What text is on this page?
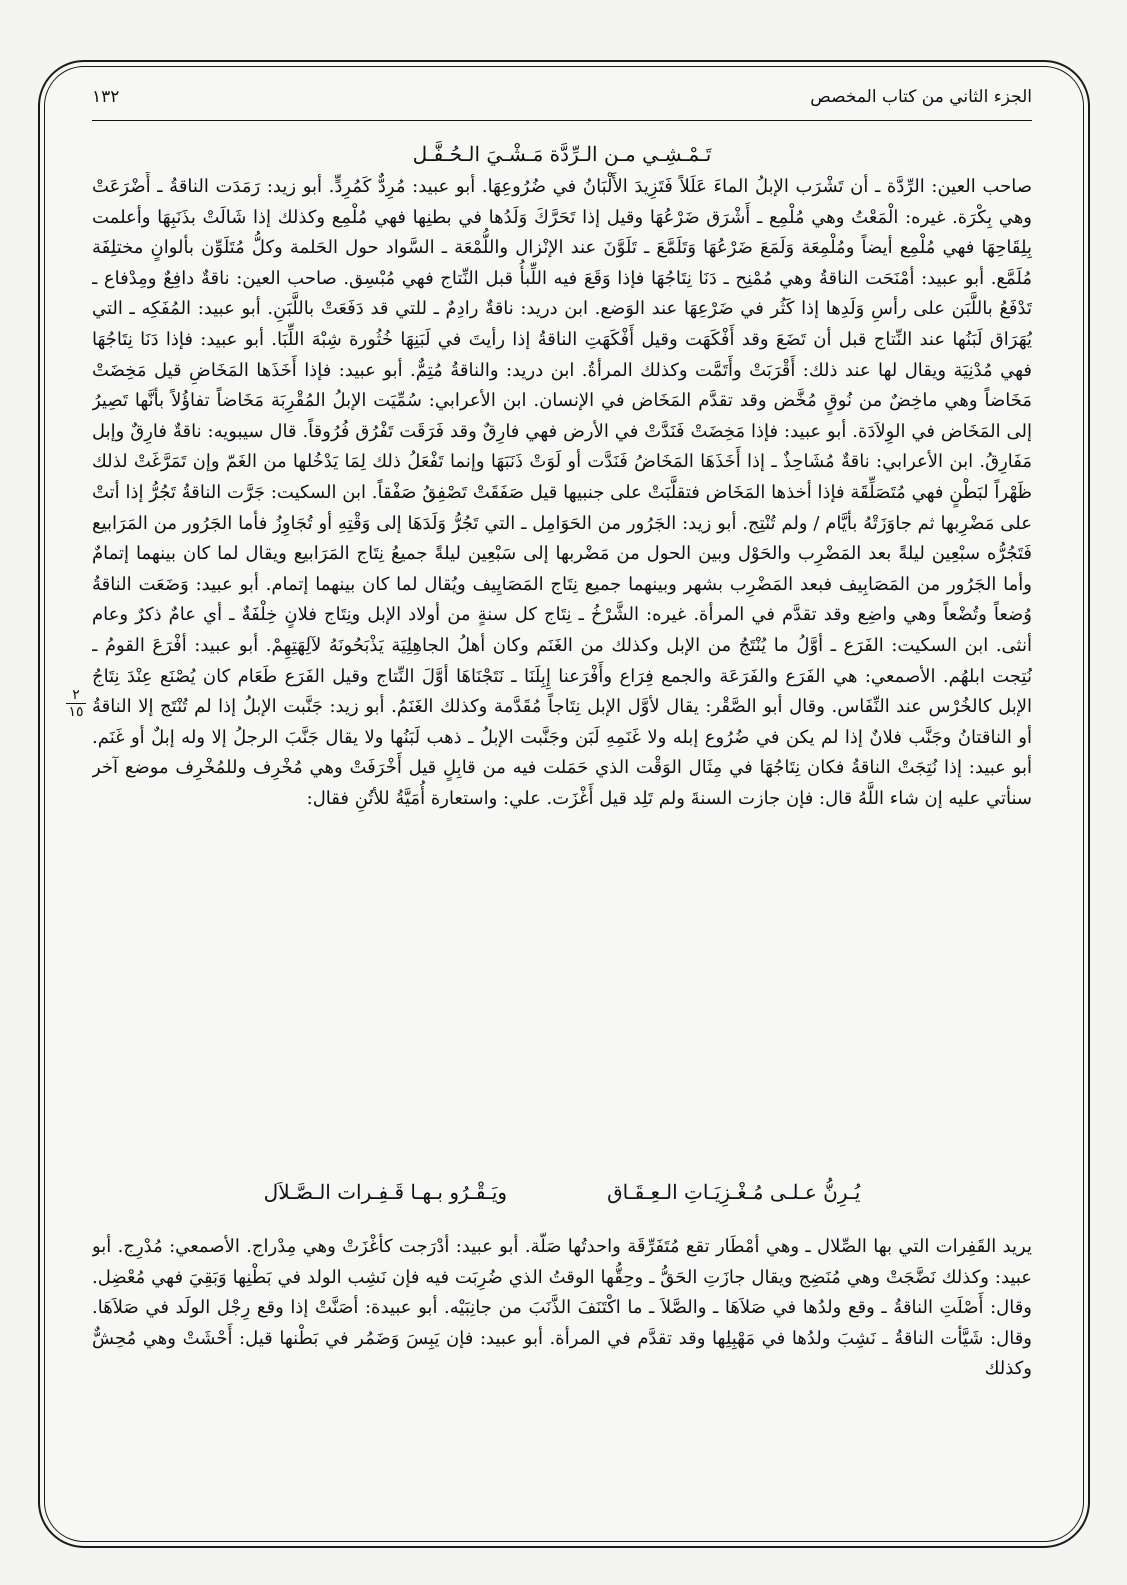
الجزء الثاني من كتاب المخصص
١٣٢
تَـمْـشِـي مـن الـرِّدَّة مَـشْـيَ الـحُـفَّـل
صاحب العين: الرِّدَّة ـ أن تَشْرَب الإبلُ الماءَ عَلَلاً فَتَزِيدَ الأَلْبَانُ في ضُرُوعِهَا. أبو عبيد: مُرِدٌّ كَمُرِدٍّ. أبو زيد: رَمَدَت الناقةُ ـ أَضْرَعَتْ وهي بِكْرَة. غيره: الْمَعْتُ وهي مُلْمِع ـ أَشْرَق ضَرْعُهَا وقيل إذا تَحَرَّكَ وَلَدُها في بطنِها فهي مُلْمِع وكذلك إذا شَالَتْ بذَنَبِهَا وأعلمت بِلِقَاحِهَا فهي مُلْمِع أيضاً ومُلْمِعَة وَلَمَعَ ضَرْعُهَا وَتَلَمَّعَ ـ تَلَوَّنَ عند الإنْزال واللُّمْعَة ـ السَّواد حول الحَلمة وكلُّ مُتَلَوِّن بألوانٍ مختلِفَة مُلَمَّع. أبو عبيد: أمْنَحَت الناقةُ وهي مُمْنِح ـ دَنَا نِتَاجُهَا فإذا وَقَعَ فيه اللِّبأُ قبل النِّتاج فهي مُبْسِق. صاحب العين: ناقةٌ دافِعٌ ومِدْفاع ـ تَدْفَعُ باللَّبَن على رأسِ وَلَدِها إذا كَثُر في ضَرْعِهَا عند الوَضع. ابن دريد: ناقةٌ رادِمٌ ـ للتي قد دَفَعَتْ باللَّبَنِ. أبو عبيد: المُفَكِه ـ التي يُهَرَاق لَبَنُها عند النِّتاج قبل أن تَضَعَ وقد أَفْكَهَت وقيل أَفْكَهَتِ الناقةُ إذا رأيتَ في لَبَنِهَا خُثُورة شِبْهَ اللِّبَا. أبو عبيد: فإذا دَنَا نِتَاجُهَا فهي مُدْنِيَة ويقال لها عند ذلك: أَقْرَبَتْ وأَتَمَّت وكذلك المرأةُ. ابن دريد: والناقةُ مُتِمٌّ. أبو عبيد: فإذا أَخَذَها المَخَاضِ قيل مَخِضَتْ مَخَاضاً وهي ماخِضٌ من نُوقٍ مُخَّض وقد تقدَّم المَخَاض في الإنسان. ابن الأعرابي: سُمِّيَت الإبلُ المُقْرِبَة مَخَاضاً تفاؤُلاً بأنَّها تَصِيرُ إلى المَخَاض في الوِلاَدَة. أبو عبيد: فإذا مَخِضَتْ فَنَدَّتْ في الأرض فهي فارِقٌ وقد فَرَقَت تَفْرُق فُرُوقاً. قال سيبويه: ناقةٌ فارِقٌ وإبل مَفَارِقُ. ابن الأعرابي: ناقةٌ مُشَاحِذٌ ـ إذا أَخَذَهَا المَخَاضُ فَنَدَّت أو لَوَتْ ذَنَبَهَا وإنما تَفْعَلُ ذلك لِمَا يَدْخُلها من الغَمّ وإن تَمَرَّغَتْ لذلك ظَهْراً لبَطْنٍ فهي مُتَصَلِّقَة فإذا أخذها المَخَاض فتقلَّبَتْ على جنبيها قيل صَفَقَتْ تَصْفِقُ صَفْقاً. ابن السكيت: جَرَّت الناقةُ تَجُرُّ إذا أتتْ على مَضْرِبها ثم جاوَزَتْهُ بأيَّام / ولم تُنْتِج. أبو زيد: الجَرُور من الحَوَامِل ـ التي تَجُرُّ وَلَدَهَا إلى وَقْتِهِ أو تُجَاوِزُ فأما الجَرُور من المَرَابيع فَتَجُرُّه سبْعِين ليلةً بعد المَضْرِب والحَوْل وبين الحول من مَضْربها إلى سَبْعِين ليلةً جميعُ نِتَاج المَرَابيع ويقال لما كان بينهما إتمامٌ وأما الجَرُور من المَصَابِيف فبعد المَضْرِب بشهر وبينهما جميع نِتَاج المَصَايِيف ويُقال لما كان بينهما إتمام. أبو عبيد: وَضَعَت الناقةُ وُضعاً وتُضْعاً وهي واضِع وقد تقدَّم في المرأة. غيره: الشَّرْخُ ـ نِتَاج كل سنةٍ من أولاد الإبل ونِتَاج فلانٍ خِلْفَةٌ ـ أي عامٌ ذكرٌ وعام أنثى. ابن السكيت: الفَرَع ـ أوَّلُ ما يُنْتَجُ من الإبل وكذلك من الغَنَم وكان أهلُ الجاهِلِيَة يَذْبَحُونَهُ لآلِهَتِهِمْ. أبو عبيد: أفْرَعَ القومُ ـ نُتِجت ابلهُم. الأصمعي: هي الفَرَع والفَرَعَة والجمع فِرَاع وأَفْرَعنا إِبِلَنَا ـ نَتَجْنَاهَا أوَّلَ النِّتاج وقيل الفَرَع طَعَام كان يُصْنَع عِنْدَ نِتَاجُ الإبل كالخُرْس عند النِّفَاس. وقال أبو الصَّقْر: يقال لأوَّل الإبل نِتَاجاً مُقَدَّمة وكذلك الغَنَمُ. أبو زيد: جَنَّبت الإبلُ إذا لم تُنْتَج إلا الناقةُ أو الناقتانُ وجَنَّب فلانٌ إذا لم يكن في ضُرُوع إبله ولا غَنَمِهِ لَبَن وجَنَّبت الإبلُ ـ ذهب لَبَنُها ولا يقال جَنَّبَ الرجلُ إلا وله إبلٌ أو غَنَم. أبو عبيد: إذا نُتِجَتْ الناقةُ فكان نِتَاجُهَا في مِثَال الوَقْت الذي حَمَلت فيه من قابِلٍ قيل أَخْرَفَتْ وهي مُخْرِف وللمُخْرِف موضع آخر سنأتي عليه إن شاء اللَّهُ قال: فإن جازت السنةَ ولم تَلِد قيل أَغْزَت. علي: واستعارة أُمَيَّةُ للأتُنِ فقال:
٢
١٥
يُـرِنُّ عـلـى مُـغْـزِيَـاتِ الـعِـقَـاق
ويَـقْـرُو بـهـا قَـفِـرات الـصَّـلاَل
يريد القَفِرات التي بها الصِّلال ـ وهي أمْطَار تقع مُتَفَرِّقَة واحدتُها صَلَّة. أبو عبيد: أدْرَجت كأغْزَتْ وهي مِدْراج. الأصمعي: مُدْرِج. أبو عبيد: وكذلك نَضَّجَتْ وهي مُنَضِج ويقال جازَتِ الحَقُّ ـ وحِقُّها الوقتُ الذي ضُرِبَت فيه فإن نَشِب الولد في بَطْنِها وَبَقِيَ فهي مُعْضِل. وقال: أَصْلَتِ الناقةُ ـ وقع ولدُها في صَلاَهَا ـ والصَّلاَ ـ ما اكْتَنَفَ الذَّنَبَ من جانِبَيْه. أبو عبيدة: أصَنَّتْ إذا وقع رِجْل الولَد في صَلاَهَا. وقال: شَيَّأت الناقةُ ـ نَشِبَ ولدُها في مَهْبِلِها وقد تقدَّم في المرأة. أبو عبيد: فإن يَبِسَ وَضَمُر في بَطْنها قيل: أَحْشَتْ وهي مُحِشٌّ وكذلك
